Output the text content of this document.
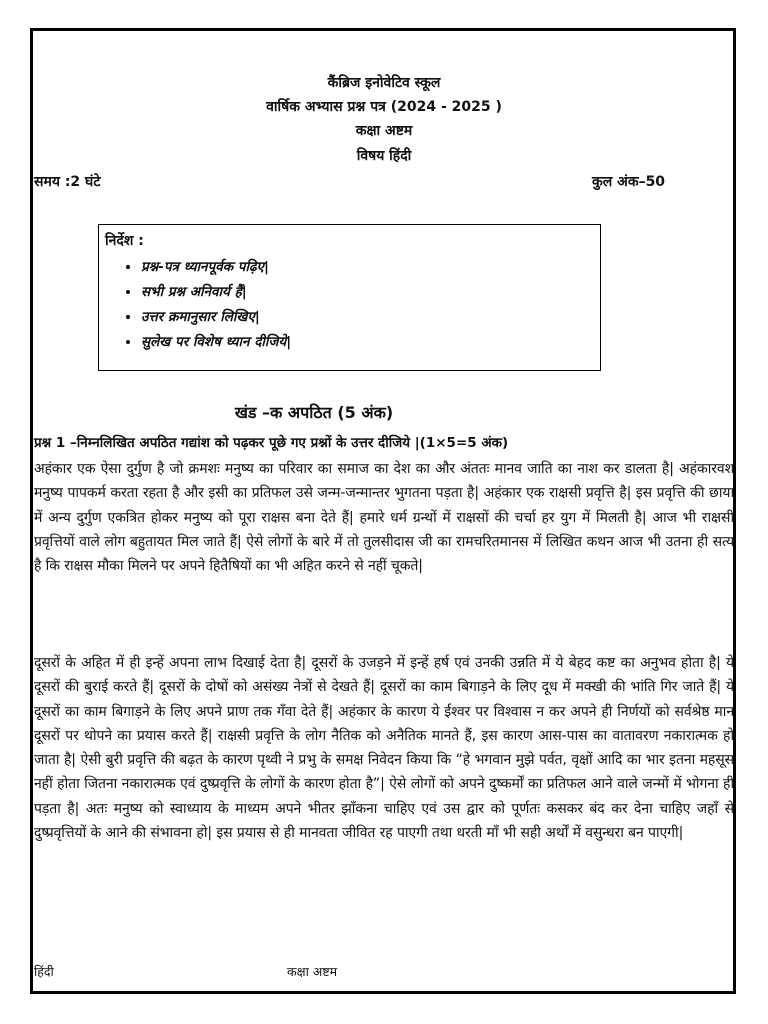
कैंब्रिज इनोवेटिव स्कूल
वार्षिक अभ्यास प्रश्न पत्र (2024 - 2025 )
कक्षा अष्टम
विषय हिंदी
समय :2 घंटे	कुल अंक–50
निर्देश :
• प्रश्न-पत्र ध्यानपूर्वक पढ़िए|
• सभी प्रश्न अनिवार्य हैं|
• उत्तर क्रमानुसार लिखिए|
• सुलेख पर विशेष ध्यान दीजिये|
खंड –क अपठित (5 अंक)
प्रश्न 1 –निम्नलिखित अपठित गद्यांश को पढ़कर पूछे गए प्रश्नों के उत्तर दीजिये |(1×5=5 अंक)

अहंकार एक ऐसा दुर्गुण है जो क्रमशः मनुष्य का परिवार का समाज का देश का और अंततः मानव जाति का नाश कर डालता है| अहंकारवश मनुष्य पापकर्म करता रहता है और इसी का प्रतिफल उसे जन्म-जन्मान्तर भुगतना पड़ता है| अहंकार एक राक्षसी प्रवृत्ति है| इस प्रवृत्ति की छाया में अन्य दुर्गुण एकत्रित होकर मनुष्य को पूरा राक्षस बना देते हैं| हमारे धर्म ग्रन्थों में राक्षसों की चर्चा हर युग में मिलती है| आज भी राक्षसी प्रवृत्तियों वाले लोग बहुतायत मिल जाते हैं| ऐसे लोगों के बारे में तो तुलसीदास जी का रामचरितमानस में लिखित कथन आज भी उतना ही सत्य है कि राक्षस मौका मिलने पर अपने हितैषियों का भी अहित करने से नहीं चूकते|

दूसरों के अहित में ही इन्हें अपना लाभ दिखाई देता है| दूसरों के उजड़ने में इन्हें हर्ष एवं उनकी उन्नति में ये बेहद कष्ट का अनुभव होता है| ये दूसरों की बुराई करते हैं| दूसरों के दोषों को असंख्य नेत्रों से देखते हैं| दूसरों का काम बिगाड़ने के लिए दूध में मक्खी की भांति गिर जाते हैं| ये दूसरों का काम बिगाड़ने के लिए अपने प्राण तक गँवा देते हैं| अहंकार के कारण ये ईश्वर पर विश्वास न कर अपने ही निर्णयों को सर्वश्रेष्ठ मान दूसरों पर थोपने का प्रयास करते हैं| राक्षसी प्रवृत्ति के लोग नैतिक को अनैतिक मानते हैं, इस कारण आस-पास का वातावरण नकारात्मक हो जाता है| ऐसी बुरी प्रवृत्ति की बढ़त के कारण पृथ्वी ने प्रभु के समक्ष निवेदन किया कि “हे भगवान मुझे पर्वत, वृक्षों आदि का भार इतना महसूस नहीं होता जितना नकारात्मक एवं दुष्प्रवृत्ति के लोगों के कारण होता है”| ऐसे लोगों को अपने दुष्कर्मों का प्रतिफल आने वाले जन्मों में भोगना ही पड़ता है| अतः मनुष्य को स्वाध्याय के माध्यम अपने भीतर झाँकना चाहिए एवं उस द्वार को पूर्णतः कसकर बंद कर देना चाहिए जहाँ से दुष्प्रवृत्तियों के आने की संभावना हो| इस प्रयास से ही मानवता जीवित रह पाएगी तथा धरती माँ भी सही अर्थों में वसुन्धरा बन पाएगी|

हिंदी	कक्षा अष्टम
